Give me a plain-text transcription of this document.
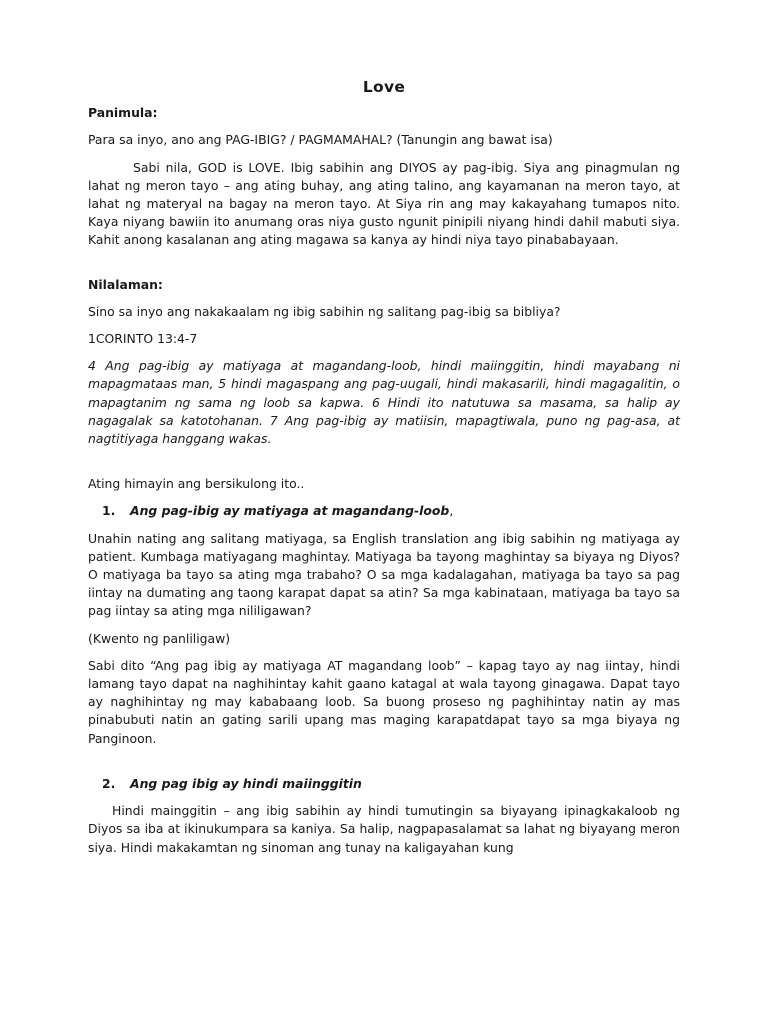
Love

Panimula:

Para sa inyo, ano ang PAG-IBIG? / PAGMAMAHAL? (Tanungin ang bawat isa)

Sabi nila, GOD is LOVE. Ibig sabihin ang DIYOS ay pag-ibig. Siya ang pinagmulan ng lahat ng meron tayo – ang ating buhay, ang ating talino, ang kayamanan na meron tayo, at lahat ng materyal na bagay na meron tayo. At Siya rin ang may kakayahang tumapos nito. Kaya niyang bawiin ito anumang oras niya gusto ngunit pinipili niyang hindi dahil mabuti siya. Kahit anong kasalanan ang ating magawa sa kanya ay hindi niya tayo pinababayaan.

Nilalaman:

Sino sa inyo ang nakakaalam ng ibig sabihin ng salitang pag-ibig sa bibliya?

1CORINTO 13:4-7

4 Ang pag-ibig ay matiyaga at magandang-loob, hindi maiinggitin, hindi mayabang ni mapagmataas man, 5 hindi magaspang ang pag-uugali, hindi makasarili, hindi magagalitin, o mapagtanim ng sama ng loob sa kapwa. 6 Hindi ito natutuwa sa masama, sa halip ay nagagalak sa katotohanan. 7 Ang pag-ibig ay matiisin, mapagtiwala, puno ng pag-asa, at nagtitiyaga hanggang wakas.

Ating himayin ang bersikulong ito..

1.	Ang pag-ibig ay matiyaga at magandang-loob,

Unahin nating ang salitang matiyaga, sa English translation ang ibig sabihin ng matiyaga ay patient. Kumbaga matiyagang maghintay. Matiyaga ba tayong maghintay sa biyaya ng Diyos? O matiyaga ba tayo sa ating mga trabaho? O sa mga kadalagahan, matiyaga ba tayo sa pag iintay na dumating ang taong karapat dapat sa atin? Sa mga kabinataan, matiyaga ba tayo sa pag iintay sa ating mga nililigawan?

(Kwento ng panliligaw)

Sabi dito “Ang pag ibig ay matiyaga AT magandang loob” – kapag tayo ay nag iintay, hindi lamang tayo dapat na naghihintay kahit gaano katagal at wala tayong ginagawa. Dapat tayo ay naghihintay ng may kababaang loob. Sa buong proseso ng paghihintay natin ay mas pinabubuti natin an gating sarili upang mas maging karapatdapat tayo sa mga biyaya ng Panginoon.

2.	Ang pag ibig ay hindi maiinggitin

Hindi mainggitin – ang ibig sabihin ay hindi tumutingin sa biyayang ipinagkakaloob ng Diyos sa iba at ikinukumpara sa kaniya. Sa halip, nagpapasalamat sa lahat ng biyayang meron siya. Hindi makakamtan ng sinoman ang tunay na kaligayahan kung
